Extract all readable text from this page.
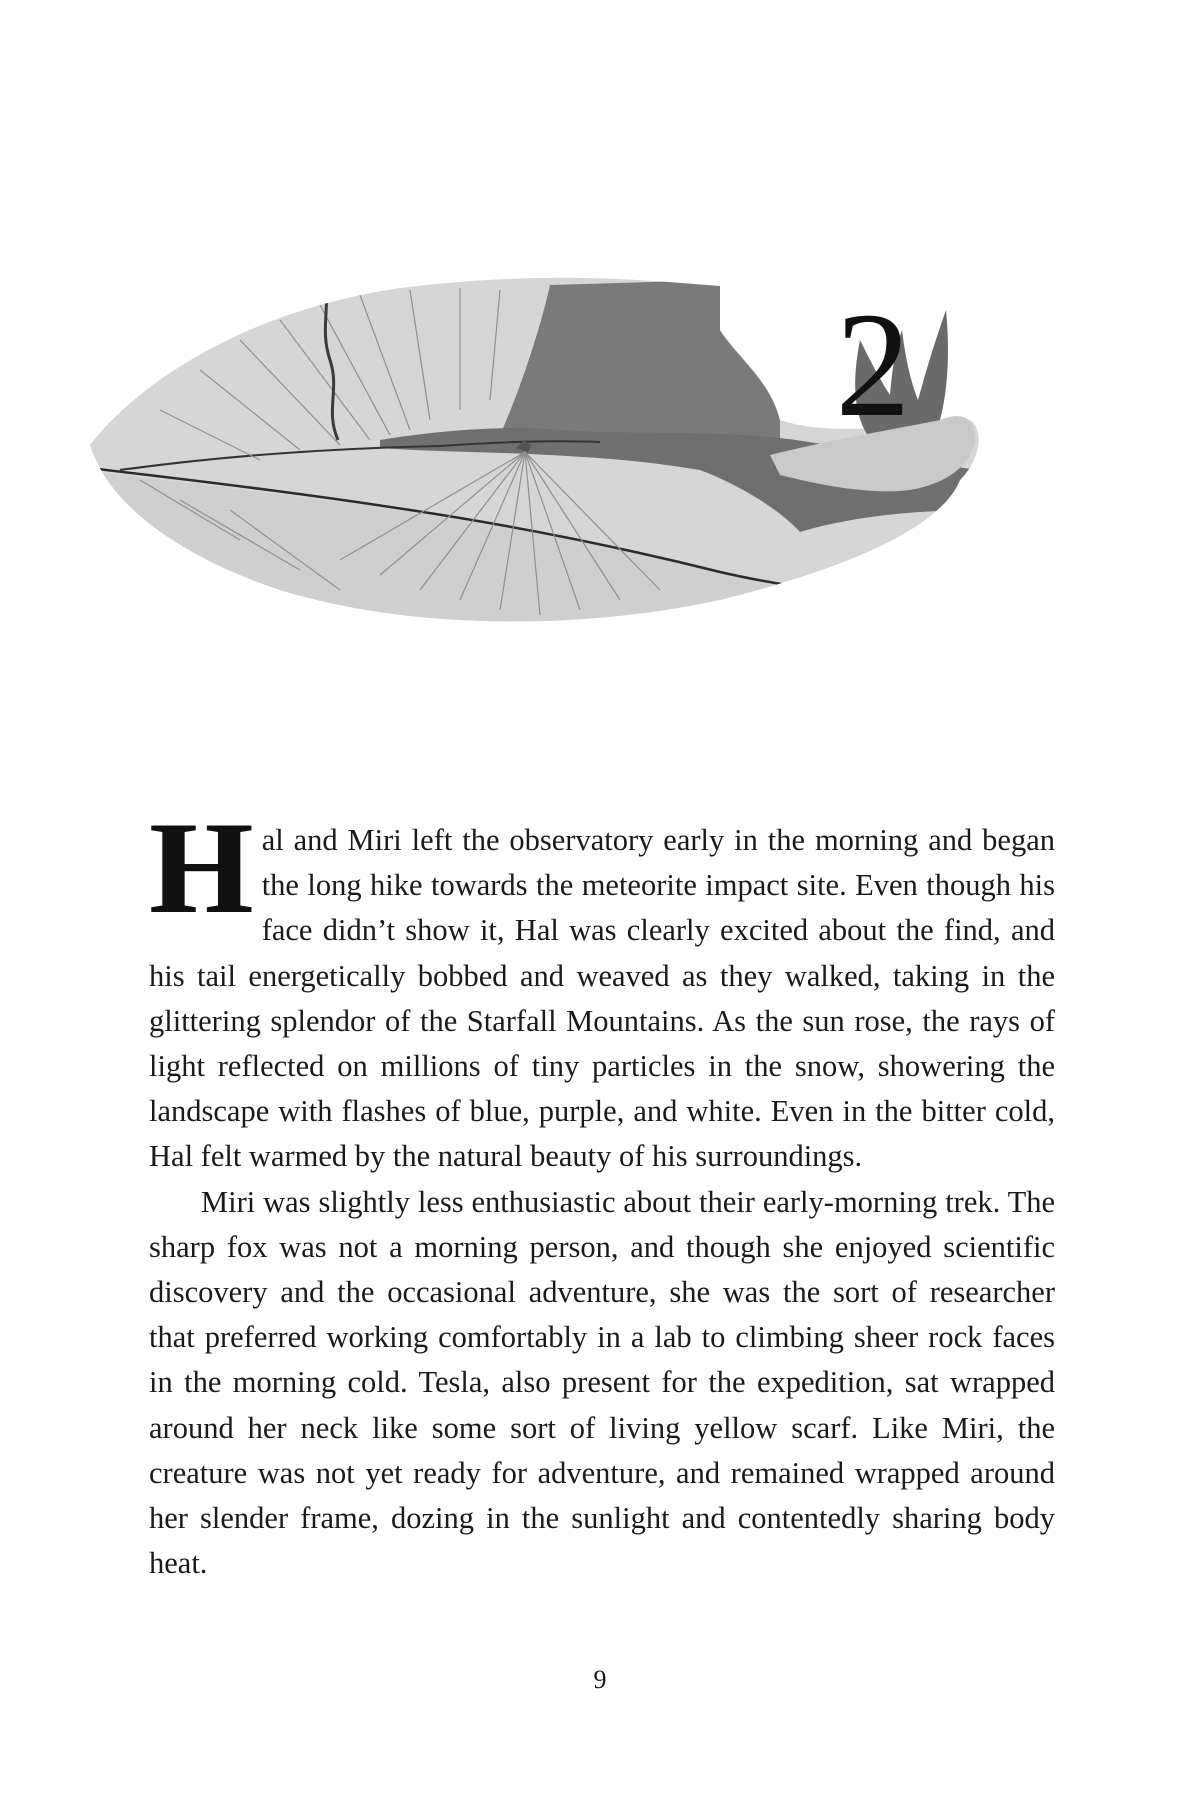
2

Hal and Miri left the observatory early in the morning and began the long hike towards the meteorite impact site. Even though his face didn’t show it, Hal was clearly excited about the find, and his tail energetically bobbed and weaved as they walked, taking in the glittering splendor of the Starfall Mountains. As the sun rose, the rays of light reflected on millions of tiny particles in the snow, showering the landscape with flashes of blue, purple, and white. Even in the bitter cold, Hal felt warmed by the natural beauty of his surroundings.

Miri was slightly less enthusiastic about their early-morning trek. The sharp fox was not a morning person, and though she enjoyed scientific discovery and the occasional adventure, she was the sort of researcher that preferred working comfortably in a lab to climbing sheer rock faces in the morning cold. Tesla, also present for the expedition, sat wrapped around her neck like some sort of living yellow scarf. Like Miri, the creature was not yet ready for adventure, and remained wrapped around her slender frame, dozing in the sunlight and contentedly sharing body heat.

9
